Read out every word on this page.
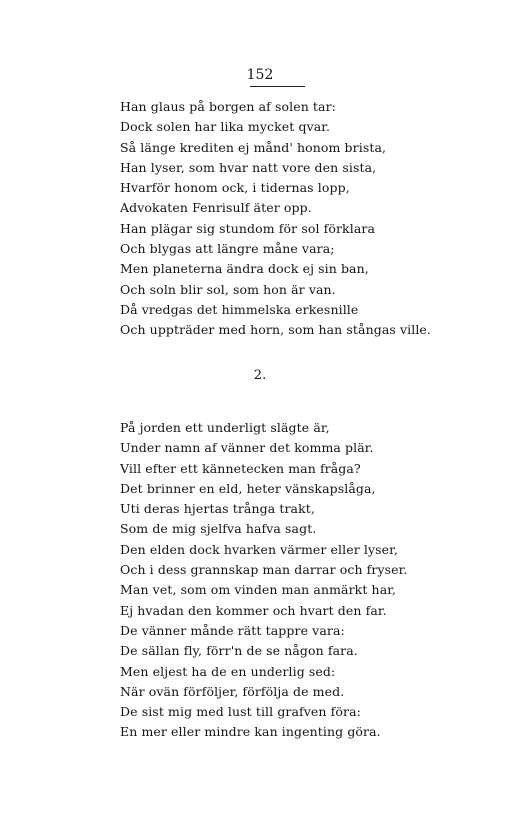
152
Han glaus på borgen af solen tar:
Dock solen har lika mycket qvar.
Så länge krediten ej månd' honom brista,
Han lyser, som hvar natt vore den sista,
Hvarför honom ock, i tidernas lopp,
Advokaten Fenrisulf äter opp.
Han plägar sig stundom för sol förklara
Och blygas att längre måne vara;
Men planeterna ändra dock ej sin ban,
Och soln blir sol, som hon är van.
Då vredgas det himmelska erkesnille
Och uppträder med horn, som han stångas ville.
2.
På jorden ett underligt slägte är,
Under namn af vänner det komma plär.
Vill efter ett kännetecken man fråga?
Det brinner en eld, heter vänskapslåga,
Uti deras hjertas trånga trakt,
Som de mig sjelfva hafva sagt.
Den elden dock hvarken värmer eller lyser,
Och i dess grannskap man darrar och fryser.
Man vet, som om vinden man anmärkt har,
Ej hvadan den kommer och hvart den far.
De vänner månde rätt tappre vara:
De sällan fly, förr'n de se någon fara.
Men eljest ha de en underlig sed:
När ovän förföljer, förfölja de med.
De sist mig med lust till grafven föra:
En mer eller mindre kan ingenting göra.
